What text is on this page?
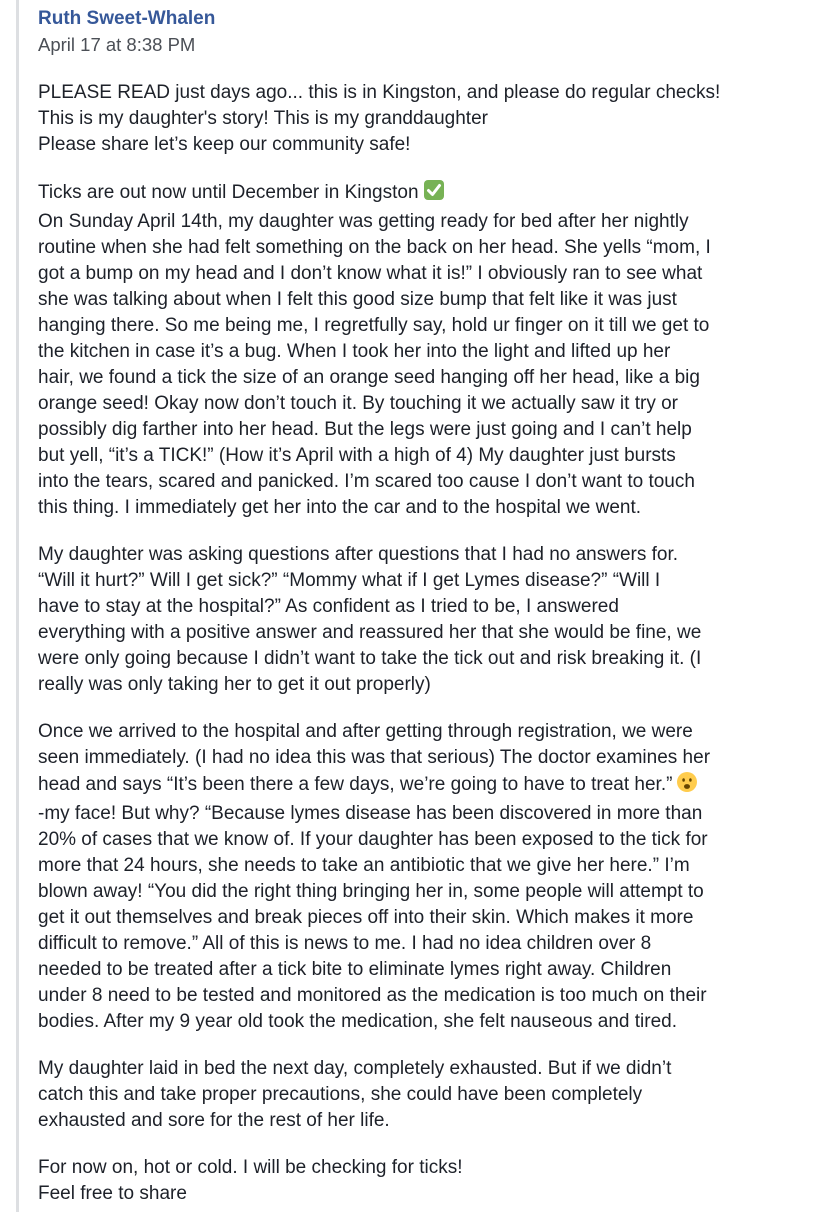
Ruth Sweet-Whalen
April 17 at 8:38 PM
PLEASE READ just days ago... this is in Kingston, and please do regular checks!
This is my daughter's story! This is my granddaughter
Please share let’s keep our community safe!
Ticks are out now until December in Kingston
On Sunday April 14th, my daughter was getting ready for bed after her nightly
routine when she had felt something on the back on her head. She yells “mom, I
got a bump on my head and I don’t know what it is!” I obviously ran to see what
she was talking about when I felt this good size bump that felt like it was just
hanging there. So me being me, I regretfully say, hold ur finger on it till we get to
the kitchen in case it’s a bug. When I took her into the light and lifted up her
hair, we found a tick the size of an orange seed hanging off her head, like a big
orange seed! Okay now don’t touch it. By touching it we actually saw it try or
possibly dig farther into her head. But the legs were just going and I can’t help
but yell, “it’s a TICK!” (How it’s April with a high of 4) My daughter just bursts
into the tears, scared and panicked. I’m scared too cause I don’t want to touch
this thing. I immediately get her into the car and to the hospital we went.
My daughter was asking questions after questions that I had no answers for.
“Will it hurt?” Will I get sick?” “Mommy what if I get Lymes disease?” “Will I
have to stay at the hospital?” As confident as I tried to be, I answered
everything with a positive answer and reassured her that she would be fine, we
were only going because I didn’t want to take the tick out and risk breaking it. (I
really was only taking her to get it out properly)
Once we arrived to the hospital and after getting through registration, we were
seen immediately. (I had no idea this was that serious) The doctor examines her
head and says “It’s been there a few days, we’re going to have to treat her.”
-my face! But why? “Because lymes disease has been discovered in more than
20% of cases that we know of. If your daughter has been exposed to the tick for
more that 24 hours, she needs to take an antibiotic that we give her here.” I’m
blown away! “You did the right thing bringing her in, some people will attempt to
get it out themselves and break pieces off into their skin. Which makes it more
difficult to remove.” All of this is news to me. I had no idea children over 8
needed to be treated after a tick bite to eliminate lymes right away. Children
under 8 need to be tested and monitored as the medication is too much on their
bodies. After my 9 year old took the medication, she felt nauseous and tired.
My daughter laid in bed the next day, completely exhausted. But if we didn’t
catch this and take proper precautions, she could have been completely
exhausted and sore for the rest of her life.
For now on, hot or cold. I will be checking for ticks!
Feel free to share
